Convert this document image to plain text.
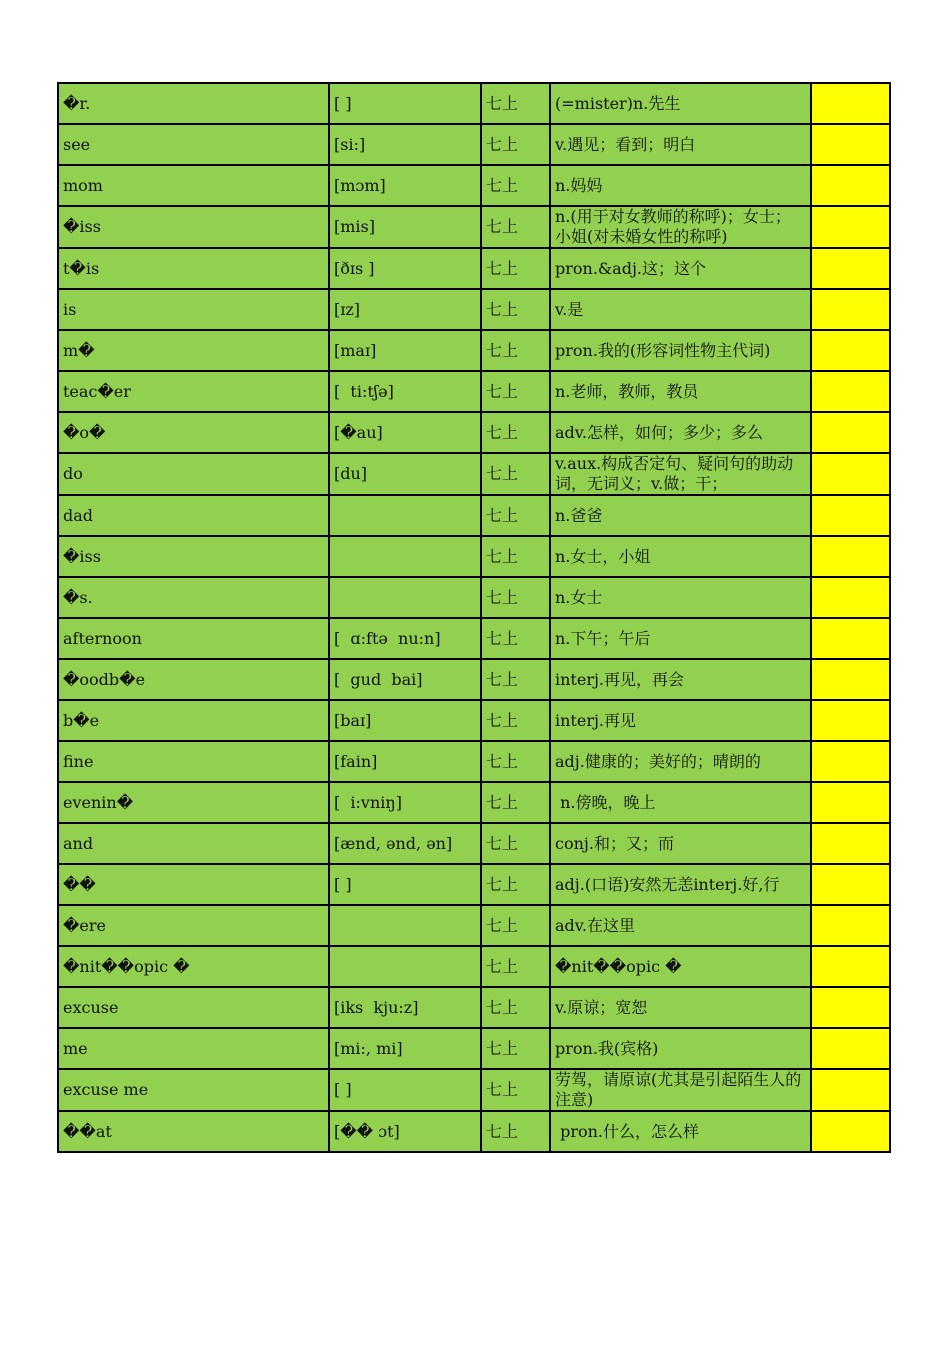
�r.	[ ]	七上	(=mister)n.先生	

see	[si:]	七上	v.遇见；看到；明白	

mom	[mɔm]	七上	n.妈妈	

�iss	[mis]	七上	n.(用于对女教师的称呼)；女士；小姐(对未婚女性的称呼)	

t�is	[ðɪs ]	七上	pron.&adj.这；这个	

is	[ɪz]	七上	v.是	

m�	[maɪ]	七上	pron.我的(形容词性物主代词)	

teac�er	[  ti:tʃə]	七上	n.老师，教师，教员	

�o�	[�au]	七上	adv.怎样，如何；多少；多么	

do	[du]	七上	v.aux.构成否定句、疑问句的助动词，无词义；v.做；干；	

dad		七上	n.爸爸	

�iss		七上	n.女士，小姐	

�s.		七上	n.女士	

afternoon	[  ɑ:ftə  nu:n]	七上	n.下午；午后	

�oodb�e	[  gud  bai]	七上	interj.再见，再会	

b�e	[baɪ]	七上	interj.再见	

fine	[fain]	七上	adj.健康的；美好的；晴朗的	

evenin�	[  i:vniŋ]	七上	n.傍晚，晚上	

and	[ænd, ənd, ən]	七上	conj.和；又；而	

��	[ ]	七上	adj.(口语)安然无恙interj.好,行	

�ere		七上	adv.在这里	

�nit��opic �		七上	�nit��opic �	

excuse	[iks  kju:z]	七上	v.原谅；宽恕	

me	[mi:, mi]	七上	pron.我(宾格)	

excuse me	[ ]	七上	劳驾，请原谅(尤其是引起陌生人的注意)	

��at	[�� ɔt]	七上	pron.什么，怎么样	
